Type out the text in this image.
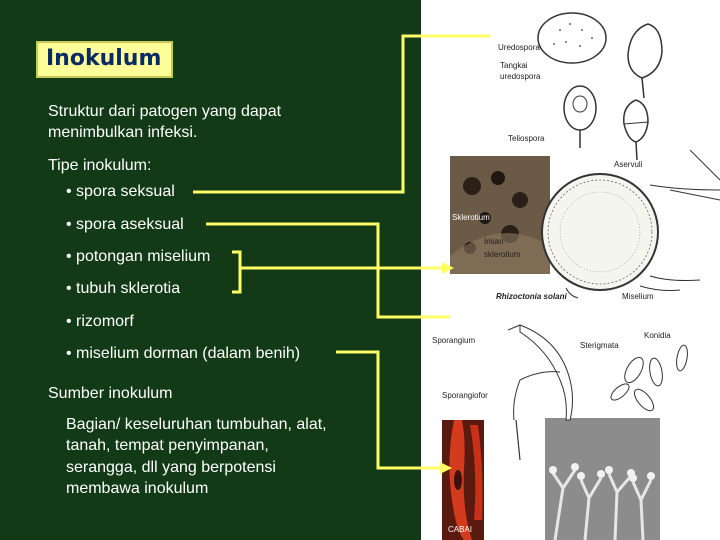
Inokulum
Struktur dari patogen yang dapat
menimbulkan infeksi.
Tipe inokulum:
• spora seksual
• spora aseksual
• potongan miselium
• tubuh sklerotia
• rizomorf
• miselium dorman (dalam benih)
Sumber inokulum
Bagian/ keseluruhan tumbuhan, alat,
tanah, tempat penyimpanan,
serangga, dll yang berpotensi
membawa inokulum
Uredospora
Tangkai
uredospora
Teliospora
Aservuli
Sklerotium
Irisan
sklerotium
Rhizoctonia solani	Miselium
Sporangium
Sterigmata
Konidia
Sporangiofor
CABAI
